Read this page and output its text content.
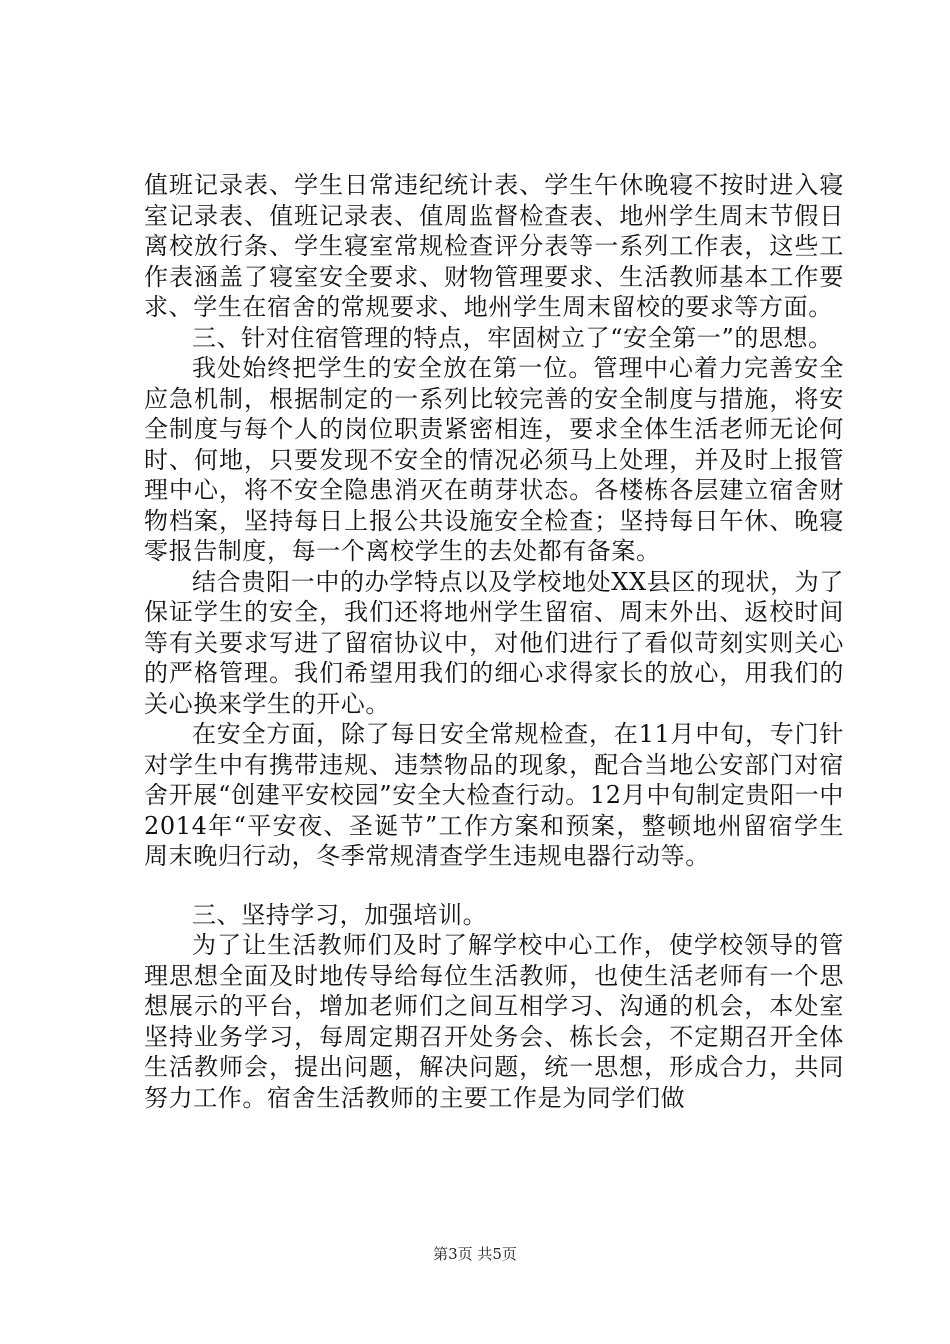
值班记录表、学生日常违纪统计表、学生午休晚寝不按时进入寝室记录表、值班记录表、值周监督检查表、地州学生周末节假日离校放行条、学生寝室常规检查评分表等一系列工作表，这些工作表涵盖了寝室安全要求、财物管理要求、生活教师基本工作要求、学生在宿舍的常规要求、地州学生周末留校的要求等方面。

三、针对住宿管理的特点，牢固树立了“安全第一”的思想。

我处始终把学生的安全放在第一位。管理中心着力完善安全应急机制，根据制定的一系列比较完善的安全制度与措施，将安全制度与每个人的岗位职责紧密相连，要求全体生活老师无论何时、何地，只要发现不安全的情况必须马上处理，并及时上报管理中心，将不安全隐患消灭在萌芽状态。各楼栋各层建立宿舍财物档案，坚持每日上报公共设施安全检查；坚持每日午休、晚寝零报告制度，每一个离校学生的去处都有备案。

结合贵阳一中的办学特点以及学校地处XX县区的现状，为了保证学生的安全，我们还将地州学生留宿、周末外出、返校时间等有关要求写进了留宿协议中，对他们进行了看似苛刻实则关心的严格管理。我们希望用我们的细心求得家长的放心，用我们的关心换来学生的开心。

在安全方面，除了每日安全常规检查，在11月中旬，专门针对学生中有携带违规、违禁物品的现象，配合当地公安部门对宿舍开展“创建平安校园”安全大检查行动。12月中旬制定贵阳一中2014年“平安夜、圣诞节”工作方案和预案，整顿地州留宿学生周末晚归行动，冬季常规清查学生违规电器行动等。

三、坚持学习，加强培训。

为了让生活教师们及时了解学校中心工作，使学校领导的管理思想全面及时地传导给每位生活教师，也使生活老师有一个思想展示的平台，增加老师们之间互相学习、沟通的机会，本处室坚持业务学习，每周定期召开处务会、栋长会，不定期召开全体生活教师会，提出问题，解决问题，统一思想，形成合力，共同努力工作。宿舍生活教师的主要工作是为同学们做

第3页 共5页
